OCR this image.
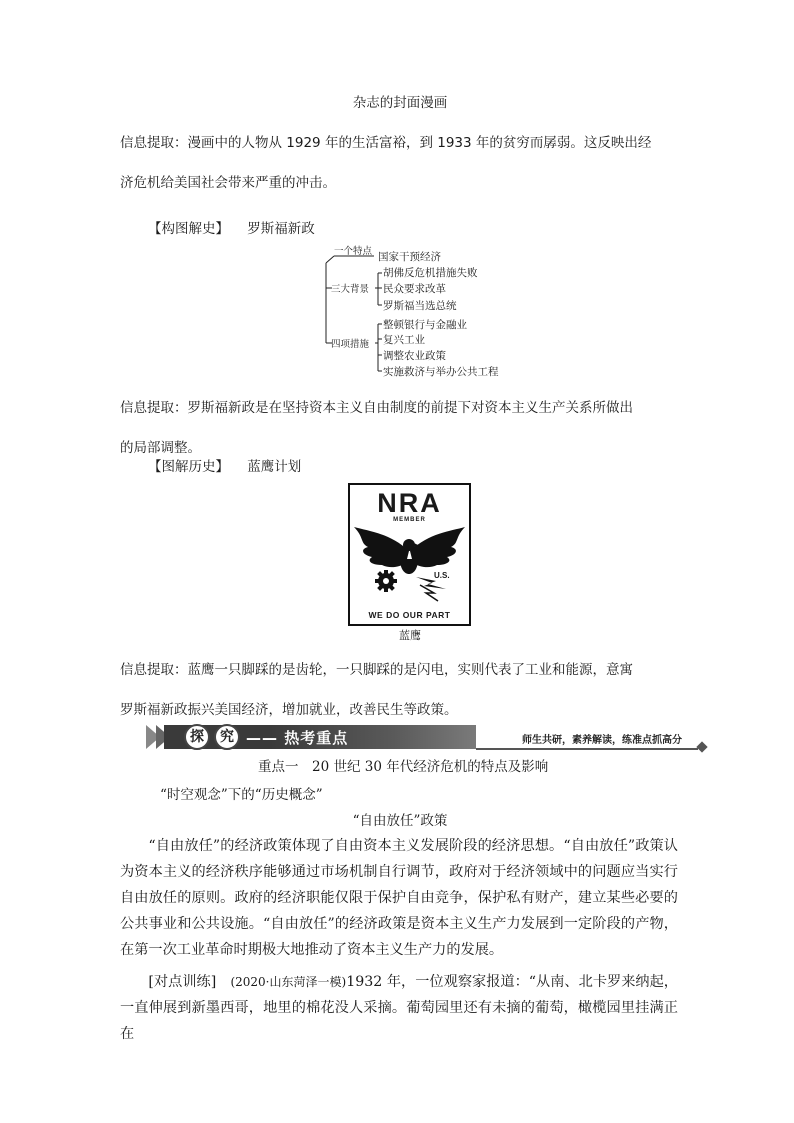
杂志的封面漫画
信息提取：漫画中的人物从 1929 年的生活富裕，到 1933 年的贫穷而孱弱。这反映出经
济危机给美国社会带来严重的冲击。
【构图解史】 罗斯福新政
一个特点 国家干预经济
三大背景
胡佛反危机措施失败
民众要求改革
罗斯福当选总统
四项措施
整顿银行与金融业
复兴工业
调整农业政策
实施救济与举办公共工程
信息提取：罗斯福新政是在坚持资本主义自由制度的前提下对资本主义生产关系所做出
的局部调整。
【图解历史】 蓝鹰计划
NRA
MEMBER
U.S.
WE DO OUR PART
蓝鹰
信息提取：蓝鹰一只脚踩的是齿轮，一只脚踩的是闪电，实则代表了工业和能源，意寓
罗斯福新政振兴美国经济，增加就业，改善民生等政策。
探	究 —— 热考重点	师生共研，素养解读，练准点抓高分
重点一　20 世纪 30 年代经济危机的特点及影响
“时空观念”下的“历史概念”
“自由放任”政策
“自由放任”的经济政策体现了自由资本主义发展阶段的经济思想。“自由放任”政策认为资本主义的经济秩序能够通过市场机制自行调节，政府对于经济领域中的问题应当实行自由放任的原则。政府的经济职能仅限于保护自由竞争，保护私有财产，建立某些必要的公共事业和公共设施。“自由放任”的经济政策是资本主义生产力发展到一定阶段的产物，在第一次工业革命时期极大地推动了资本主义生产力的发展。
[对点训练]　 (2020·山东菏泽一模)1932 年，一位观察家报道：“从南、北卡罗来纳起，一直伸展到新墨西哥，地里的棉花没人采摘。葡萄园里还有未摘的葡萄，橄榄园里挂满正在
